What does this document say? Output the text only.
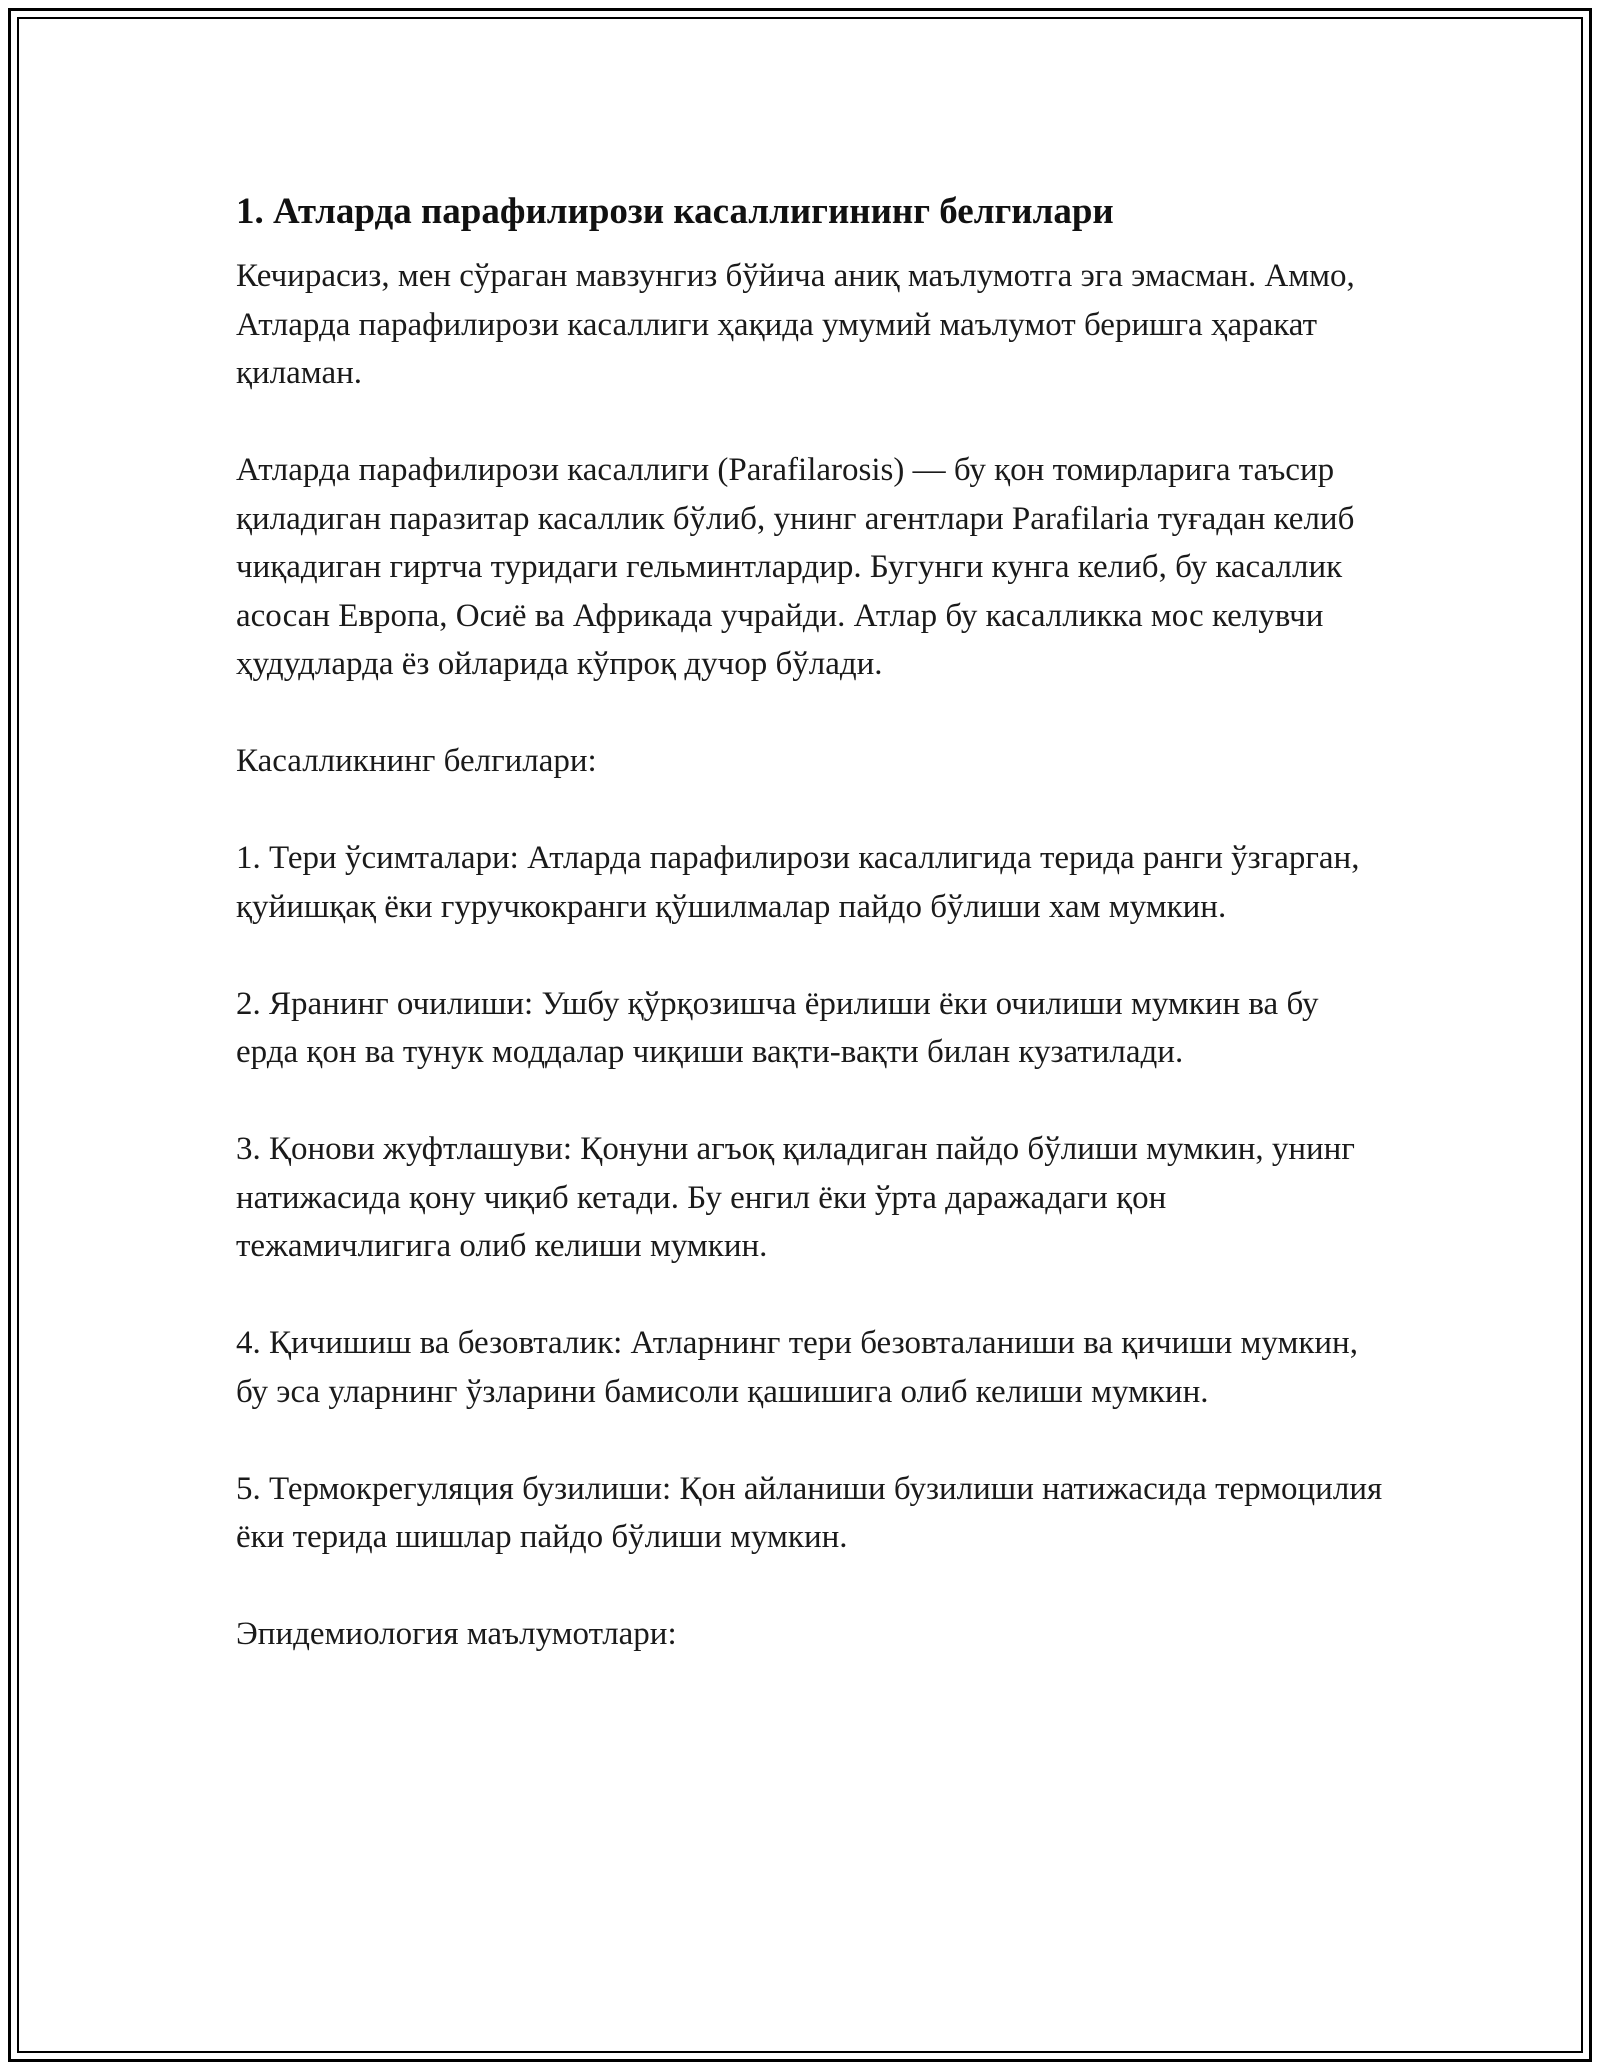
1. Атларда парафилирози касаллигининг белгилари

Кечирасиз, мен сўраган мавзунгиз бўйича аниқ маълумотга эга эмасман. Аммо, Атларда парафилирози касаллиги ҳақида умумий маълумот беришга ҳаракат қиламан.

Атларда парафилирози касаллиги (Parafilarosis) — бу қон томирларига таъсир қиладиган паразитар касаллик бўлиб, унинг агентлари Parafilaria туғадан келиб чиқадиган гиртча туридаги гельминтлардир. Бугунги кунга келиб, бу касаллик асосан Европа, Осиё ва Африкада учрайди. Атлар бу касалликка мос келувчи ҳудудларда ёз ойларида кўпроқ дучор бўлади.

Касалликнинг белгилари:

1. Тери ўсимталари: Атларда парафилирози касаллигида терида ранги ўзгарган, қуйишқақ ёки гуручкокранги қўшилмалар пайдо бўлиши хам мумкин.

2. Яранинг очилиши: Ушбу қўрқозишча ёрилиши ёки очилиши мумкин ва бу ерда қон ва тунук моддалар чиқиши вақти-вақти билан кузатилади.

3. Қонови жуфтлашуви: Қонуни агъоқ қиладиган пайдо бўлиши мумкин, унинг натижасида қону чиқиб кетади. Бу енгил ёки ўрта даражадаги қон тежамичлигига олиб келиши мумкин.

4. Қичишиш ва безовталик: Атларнинг тери безовталаниши ва қичиши мумкин, бу эса уларнинг ўзларини бамисоли қашишига олиб келиши мумкин.

5. Термокрегуляция бузилиши: Қон айланиши бузилиши натижасида термоцилия ёки терида шишлар пайдо бўлиши мумкин.

Эпидемиология маълумотлари:
